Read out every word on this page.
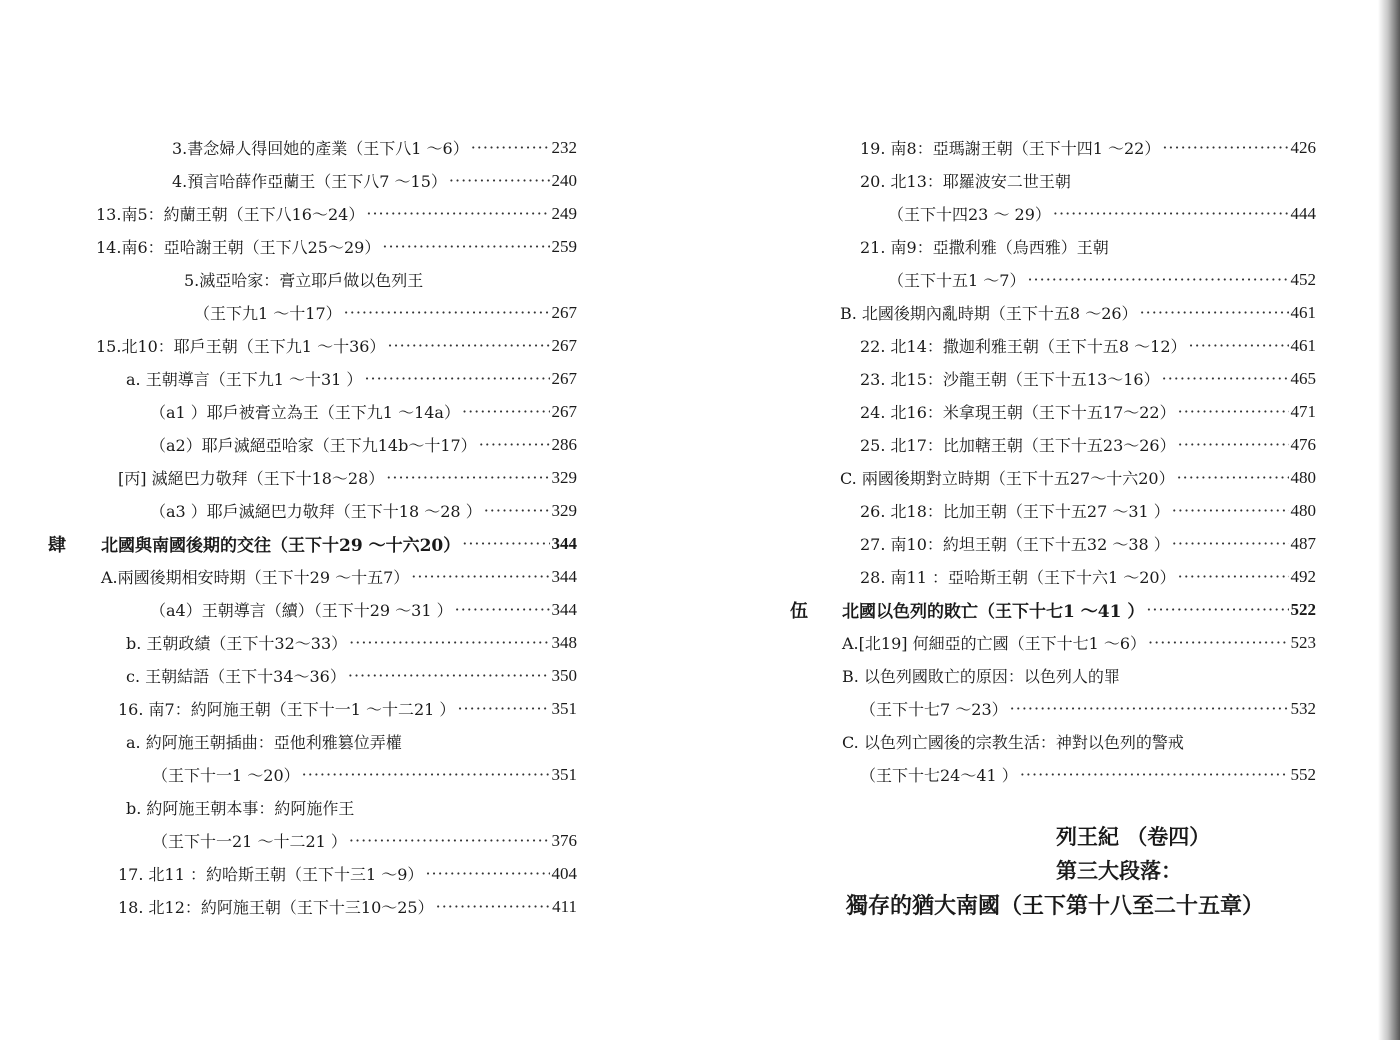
3.書念婦人得回她的產業（王下八1 ～6） ·····	232
4.預言哈薛作亞蘭王（王下八7 ～15） ·····	240
13.南5：約蘭王朝（王下八16～24） ·····	249
14.南6：亞哈謝王朝（王下八25～29） ·····	259
5.滅亞哈家：膏立耶戶做以色列王
（王下九1 ～十17） ·····	267
15.北10：耶戶王朝（王下九1 ～十36） ·····	267
a. 王朝導言（王下九1 ～十31 ） ·····	267
（a1 ）耶戶被膏立為王（王下九1 ～14a） ·····	267
（a2）耶戶滅絕亞哈家（王下九14b～十17） ·····	286
[丙] 滅絕巴力敬拜（王下十18～28） ·····	329
（a3 ）耶戶滅絕巴力敬拜（王下十18 ～28 ） ·····	329
肆 北國與南國後期的交往（王下十29 ～十六20） ·····	344
A.兩國後期相安時期（王下十29 ～十五7） ·····	344
（a4）王朝導言（續）（王下十29 ～31 ） ·····	344
b. 王朝政績（王下十32～33） ·····	348
c. 王朝結語（王下十34～36） ·····	350
16. 南7：約阿施王朝（王下十一1 ～十二21 ） ·····	351
a. 約阿施王朝插曲：亞他利雅篡位弄權
（王下十一1 ～20） ·····	351
b. 約阿施王朝本事：約阿施作王
（王下十一21 ～十二21 ） ·····	376
17. 北11 ：約哈斯王朝（王下十三1 ～9） ·····	404
18. 北12：約阿施王朝（王下十三10～25） ·····	411
19. 南8：亞瑪謝王朝（王下十四1 ～22） ·····	426
20. 北13：耶羅波安二世王朝
（王下十四23 ～ 29） ·····	444
21. 南9：亞撒利雅（烏西雅）王朝
（王下十五1 ～7） ·····	452
B. 北國後期內亂時期（王下十五8 ～26） ·····	461
22. 北14：撒迦利雅王朝（王下十五8 ～12） ·····	461
23. 北15：沙龍王朝（王下十五13～16） ·····	465
24. 北16：米拿現王朝（王下十五17～22） ·····	471
25. 北17：比加轄王朝（王下十五23～26） ·····	476
C. 兩國後期對立時期（王下十五27～十六20） ·····	480
26. 北18：比加王朝（王下十五27 ～31 ） ·····	480
27. 南10：約坦王朝（王下十五32 ～38 ） ·····	487
28. 南11 ：亞哈斯王朝（王下十六1 ～20） ·····	492
伍 北國以色列的敗亡（王下十七1 ～41 ） ·····	522
A.[北19] 何細亞的亡國（王下十七1 ～6） ·····	523
B. 以色列國敗亡的原因：以色列人的罪
（王下十七7 ～23） ·····	532
C. 以色列亡國後的宗教生活：神對以色列的警戒
（王下十七24～41 ） ·····	552
列王紀 （卷四）
第三大段落：
獨存的猶大南國（王下第十八至二十五章）
